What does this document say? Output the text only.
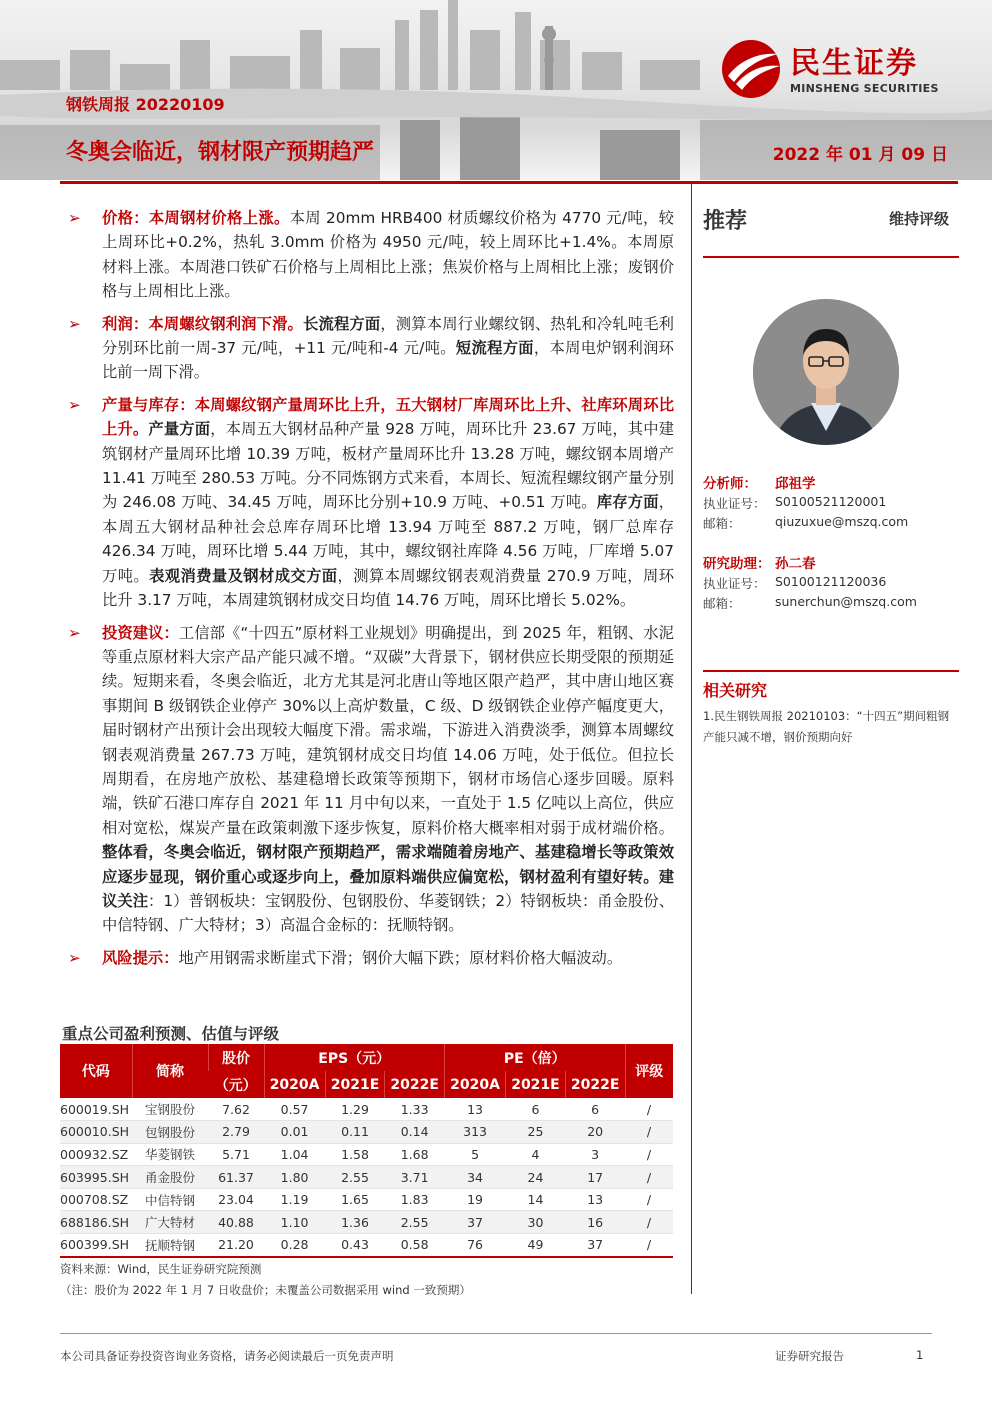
钢铁周报 20220109
冬奥会临近，钢材限产预期趋严	2022 年 01 月 09 日
民生证券
MINSHENG SECURITIES
➢ 价格：本周钢材价格上涨。本周 20mm HRB400 材质螺纹价格为 4770 元/吨，较上周环比+0.2%，热轧 3.0mm 价格为 4950 元/吨，较上周环比+1.4%。本周原材料上涨。本周港口铁矿石价格与上周相比上涨；焦炭价格与上周相比上涨；废钢价格与上周相比上涨。
➢ 利润：本周螺纹钢利润下滑。长流程方面，测算本周行业螺纹钢、热轧和冷轧吨毛利分别环比前一周-37 元/吨，+11 元/吨和-4 元/吨。短流程方面，本周电炉钢利润环比前一周下滑。
➢ 产量与库存：本周螺纹钢产量周环比上升，五大钢材厂库周环比上升、社库环周环比上升。产量方面，本周五大钢材品种产量 928 万吨，周环比升 23.67 万吨，其中建筑钢材产量周环比增 10.39 万吨，板材产量周环比升 13.28 万吨，螺纹钢本周增产 11.41 万吨至 280.53 万吨。分不同炼钢方式来看，本周长、短流程螺纹钢产量分别为 246.08 万吨、34.45 万吨，周环比分别+10.9 万吨、+0.51 万吨。库存方面，本周五大钢材品种社会总库存周环比增 13.94 万吨至 887.2 万吨，钢厂总库存 426.34 万吨，周环比增 5.44 万吨，其中，螺纹钢社库降 4.56 万吨，厂库增 5.07 万吨。表观消费量及钢材成交方面，测算本周螺纹钢表观消费量 270.9 万吨，周环比升 3.17 万吨，本周建筑钢材成交日均值 14.76 万吨，周环比增长 5.02%。
➢ 投资建议：工信部《“十四五”原材料工业规划》明确提出，到 2025 年，粗钢、水泥等重点原材料大宗产品产能只减不增。“双碳”大背景下，钢材供应长期受限的预期延续。短期来看，冬奥会临近，北方尤其是河北唐山等地区限产趋严，其中唐山地区赛事期间 B 级钢铁企业停产 30%以上高炉数量，C 级、D 级钢铁企业停产幅度更大，届时钢材产出预计会出现较大幅度下滑。需求端，下游进入消费淡季，测算本周螺纹钢表观消费量 267.73 万吨，建筑钢材成交日均值 14.06 万吨，处于低位。但拉长周期看，在房地产放松、基建稳增长政策等预期下，钢材市场信心逐步回暖。原料端，铁矿石港口库存自 2021 年 11 月中旬以来，一直处于 1.5 亿吨以上高位，供应相对宽松，煤炭产量在政策刺激下逐步恢复，原料价格大概率相对弱于成材端价格。整体看，冬奥会临近，钢材限产预期趋严，需求端随着房地产、基建稳增长等政策效应逐步显现，钢价重心或逐步向上，叠加原料端供应偏宽松，钢材盈利有望好转。建议关注：1）普钢板块：宝钢股份、包钢股份、华菱钢铁；2）特钢板块：甬金股份、中信特钢、广大特材；3）高温合金标的：抚顺特钢。
➢ 风险提示：地产用钢需求断崖式下滑；钢价大幅下跌；原材料价格大幅波动。
推荐	维持评级
分析师： 邱祖学
执业证号： S0100521120001
邮箱：	qiuzuxue@mszq.com
研究助理： 孙二春
执业证号： S0100121120036
邮箱：	sunerchun@mszq.com
相关研究
1.民生钢铁周报 20210103：“十四五”期间粗钢产能只减不增，钢价预期向好
重点公司盈利预测、估值与评级
代码	简称	股价	EPS（元）			PE（倍）			评级
		（元）	2020A	2021E	2022E	2020A	2021E	2022E	
600019.SH	宝钢股份	7.62	0.57	1.29	1.33	13	6	6	/
600010.SH	包钢股份	2.79	0.01	0.11	0.14	313	25	20	/
000932.SZ	华菱钢铁	5.71	1.04	1.58	1.68	5	4	3	/
603995.SH	甬金股份	61.37	1.80	2.55	3.71	34	24	17	/
000708.SZ	中信特钢	23.04	1.19	1.65	1.83	19	14	13	/
688186.SH	广大特材	40.88	1.10	1.36	2.55	37	30	16	/
600399.SH	抚顺特钢	21.20	0.28	0.43	0.58	76	49	37	/
资料来源：Wind，民生证券研究院预测
（注：股价为 2022 年 1 月 7 日收盘价；未覆盖公司数据采用 wind 一致预期）
本公司具备证券投资咨询业务资格，请务必阅读最后一页免责声明	证券研究报告	1
